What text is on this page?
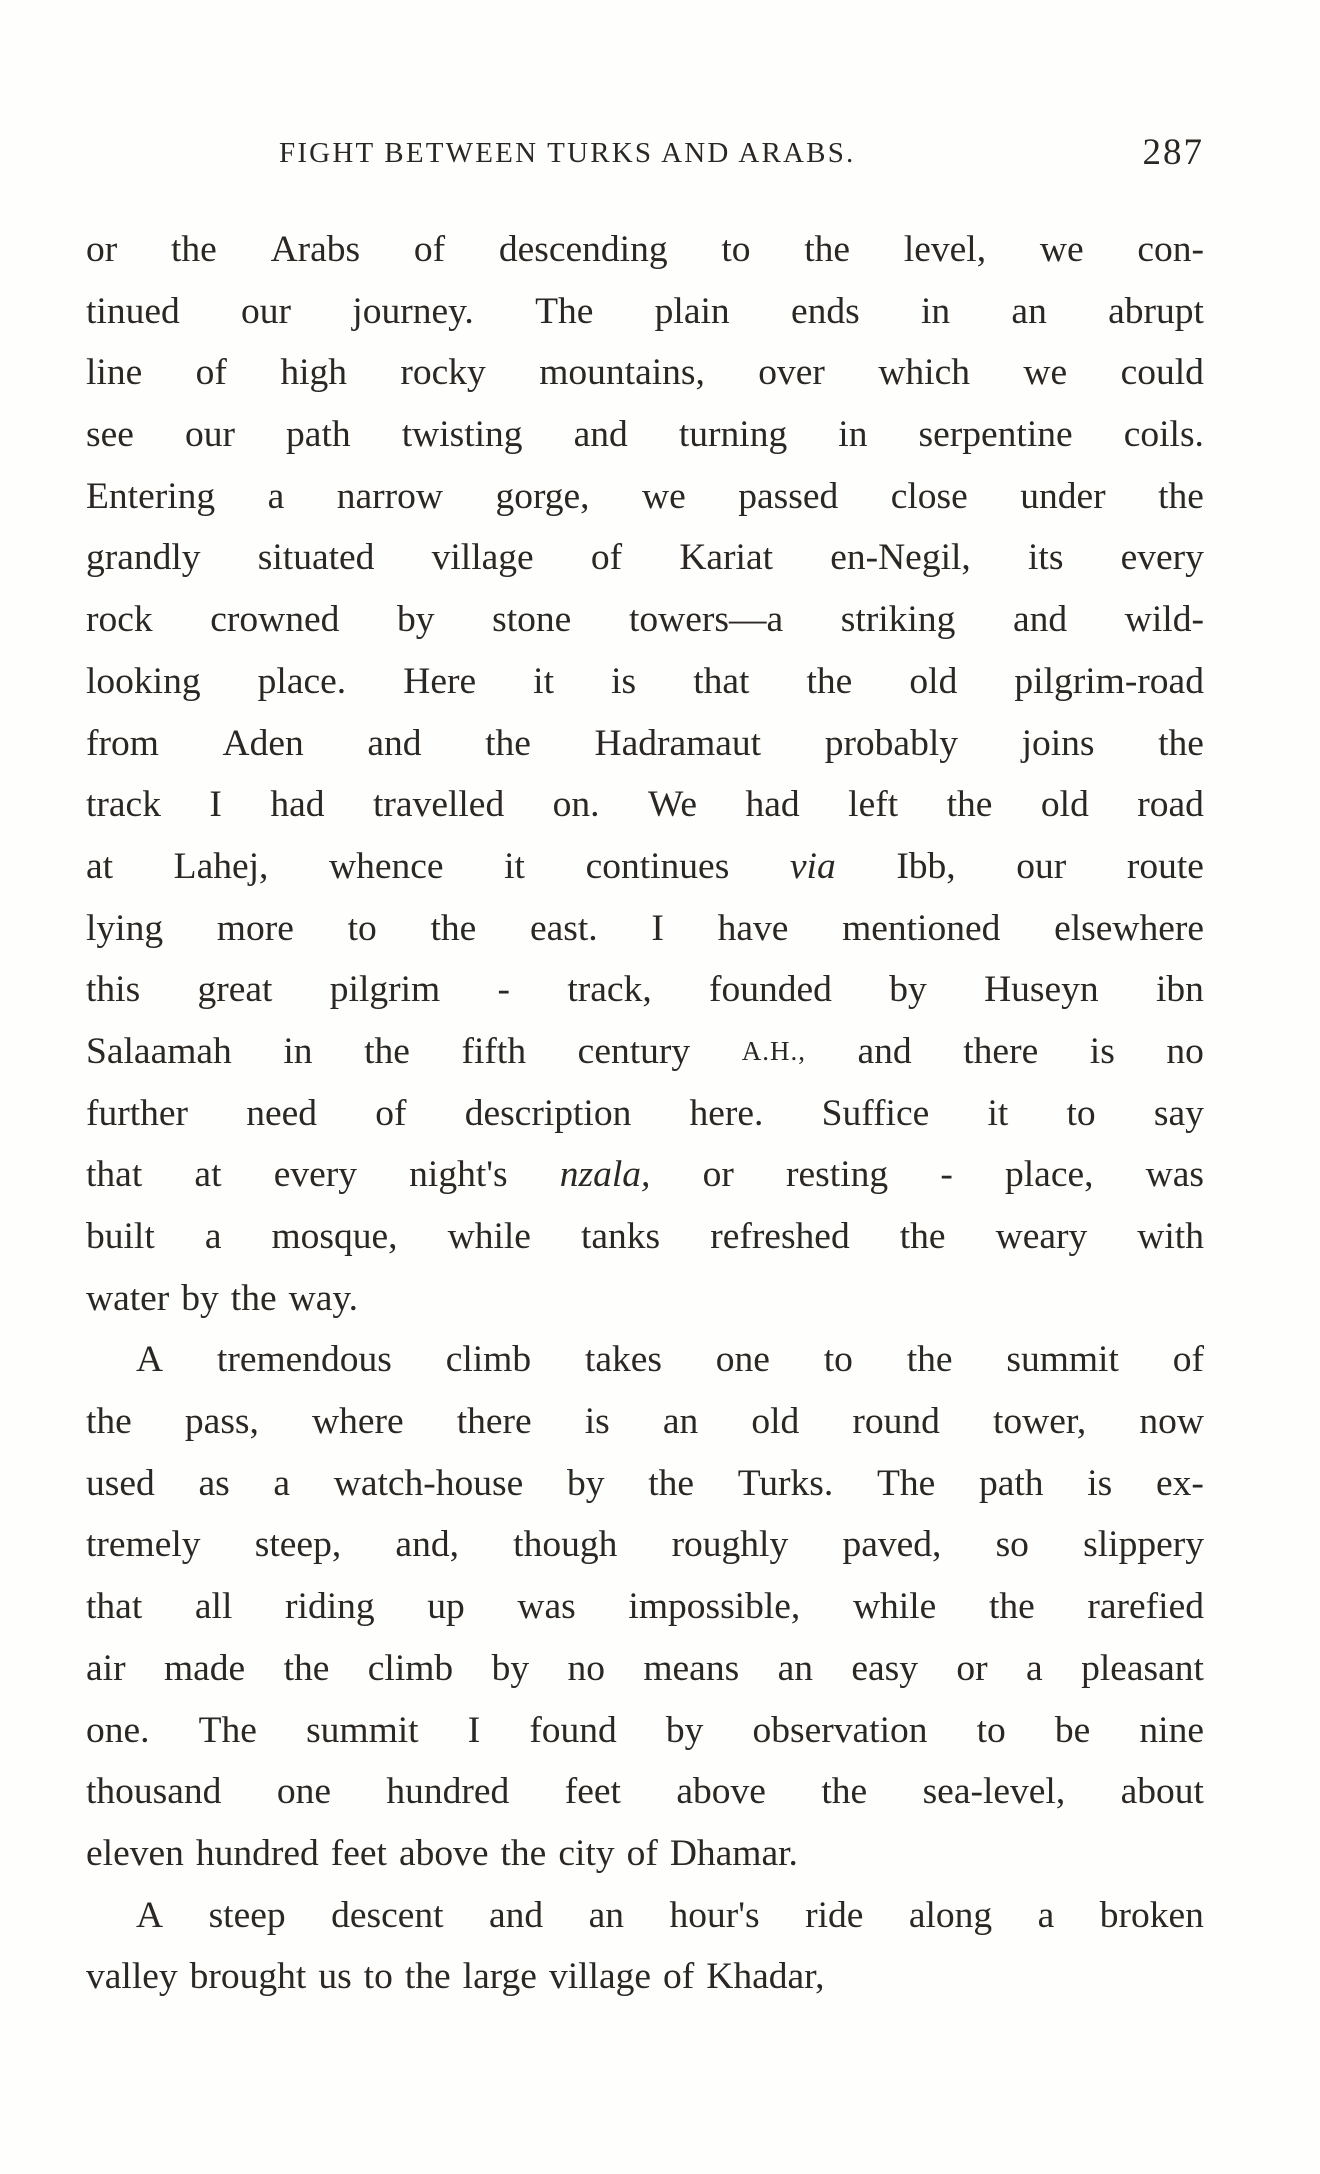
FIGHT BETWEEN TURKS AND ARABS.	287
or the Arabs of descending to the level, we con-
tinued our journey. The plain ends in an abrupt
line of high rocky mountains, over which we could
see our path twisting and turning in serpentine coils.
Entering a narrow gorge, we passed close under the
grandly situated village of Kariat en-Negil, its every
rock crowned by stone towers—a striking and wild-
looking place. Here it is that the old pilgrim-road
from Aden and the Hadramaut probably joins the
track I had travelled on. We had left the old road
at Lahej, whence it continues via Ibb, our route
lying more to the east. I have mentioned elsewhere
this great pilgrim - track, founded by Huseyn ibn
Salaamah in the fifth century A.H., and there is no
further need of description here. Suffice it to say
that at every night's nzala, or resting - place, was
built a mosque, while tanks refreshed the weary with
water by the way.
A tremendous climb takes one to the summit of
the pass, where there is an old round tower, now
used as a watch-house by the Turks. The path is ex-
tremely steep, and, though roughly paved, so slippery
that all riding up was impossible, while the rarefied
air made the climb by no means an easy or a pleasant
one. The summit I found by observation to be nine
thousand one hundred feet above the sea-level, about
eleven hundred feet above the city of Dhamar.
A steep descent and an hour's ride along a broken
valley brought us to the large village of Khadar,
